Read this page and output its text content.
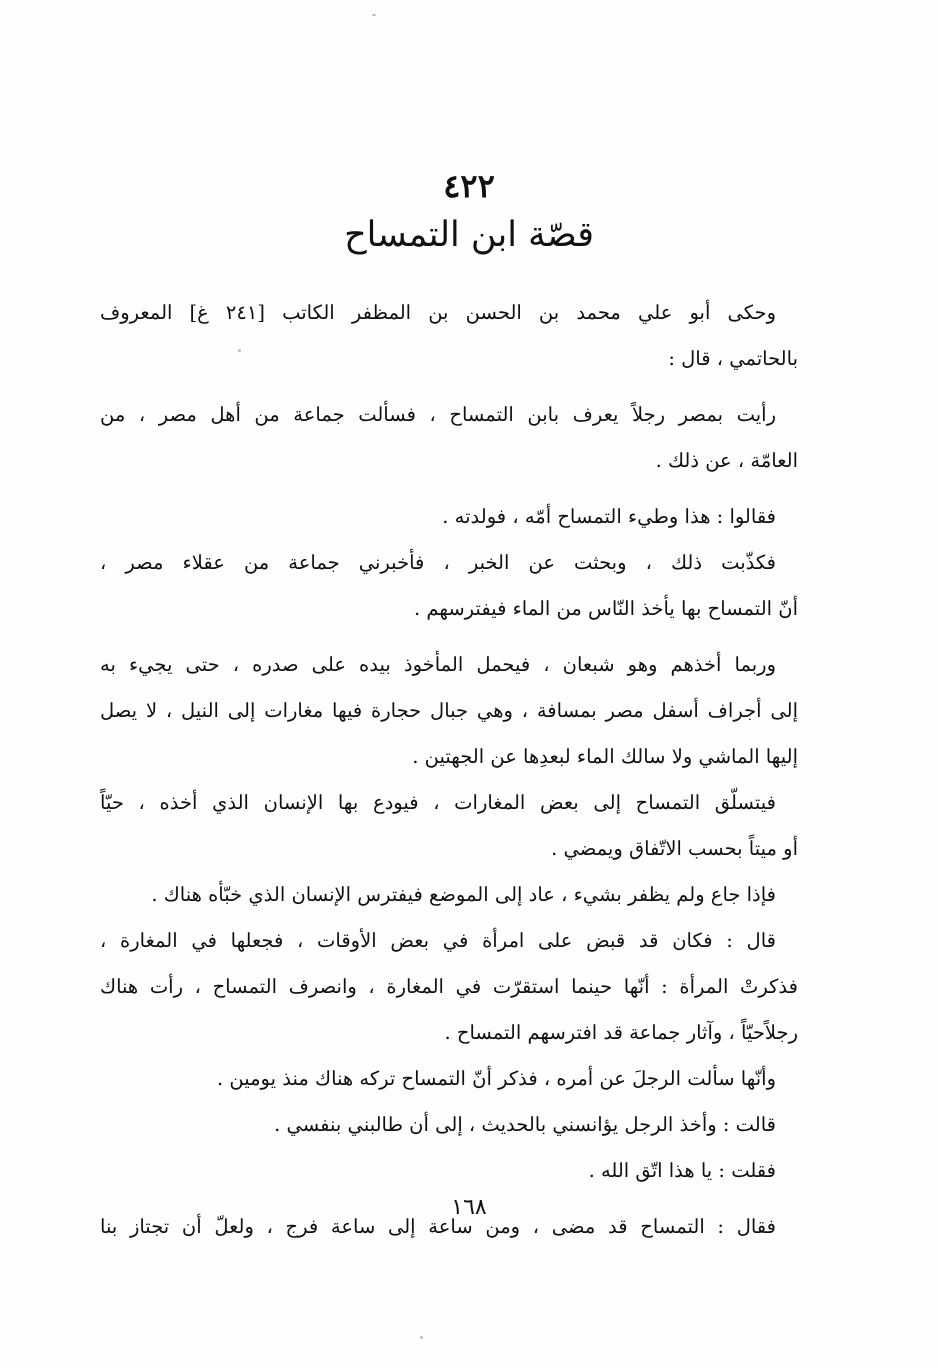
٤٢٢
قصّة ابن التمساح
وحكى أبو علي محمد بن الحسن بن المظفر الكاتب [٢٤١ غ] المعروف
بالحاتمي ، قال :
رأيت بمصر رجلاً يعرف بابن التمساح ، فسألت جماعة من أهل مصر ، من
العامّة ، عن ذلك .
فقالوا : هذا وطيء التمساح أمّه ، فولدته .
فكذّبت ذلك ، وبحثت عن الخبر ، فأخبرني جماعة من عقلاء مصر ،
أنّ التمساح بها يأخذ النّاس من الماء فيفترسهم .
وربما أخذهم وهو شبعان ، فيحمل المأخوذ بيده على صدره ، حتى يجيء به
إلى أجراف أسفل مصر بمسافة ، وهي جبال حجارة فيها مغارات إلى النيل ، لا يصل
إليها الماشي ولا سالك الماء لبعدِها عن الجهتين .
فيتسلّق التمساح إلى بعض المغارات ، فيودع بها الإنسان الذي أخذه ، حيّاً
أو ميتاً بحسب الاتّفاق ويمضي .
فإذا جاع ولم يظفر بشيء ، عاد إلى الموضع فيفترس الإنسان الذي خبّأه هناك .
قال : فكان قد قبض على امرأة في بعض الأوقات ، فجعلها في المغارة ،
فذكرتْ المرأة : أنّها حينما استقرّت في المغارة ، وانصرف التمساح ، رأت هناك
رجلاًحيّاً ، وآثار جماعة قد افترسهم التمساح .
وأنّها سألت الرجلَ عن أمره ، فذكر أنّ التمساح تركه هناك منذ يومين .
قالت : وأخذ الرجل يؤانسني بالحديث ، إلى أن طالبني بنفسي .
فقلت : يا هذا اتّق الله .
فقال : التمساح قد مضى ، ومن ساعة إلى ساعة فرج ، ولعلّ أن تجتاز بنا
١٦٨
